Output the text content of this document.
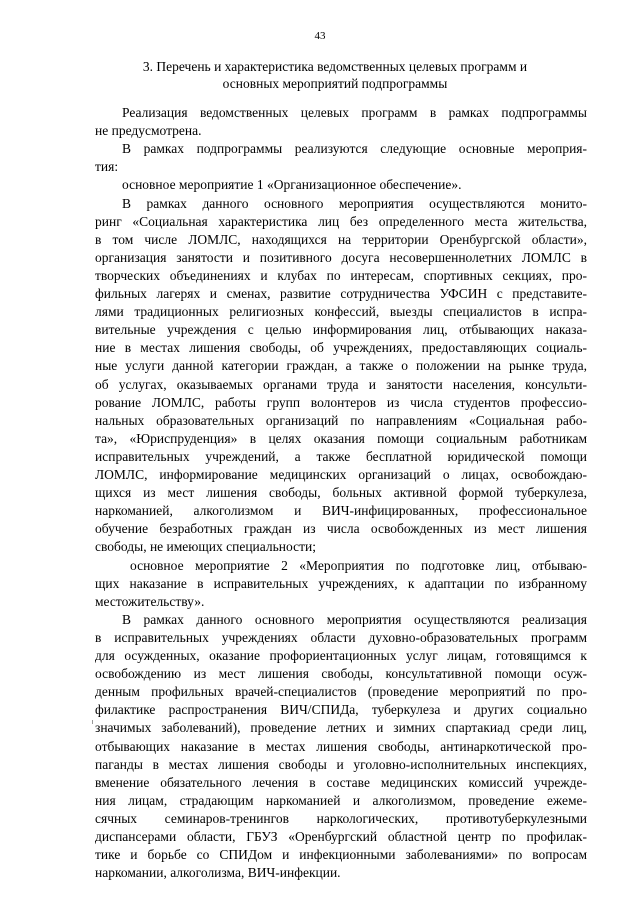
43
3. Перечень и характеристика ведомственных целевых программ и
основных мероприятий подпрограммы
Реализация ведомственных целевых программ в рамках подпрограммы
не предусмотрена.
В рамках подпрограммы реализуются следующие основные мероприя-
тия:
основное мероприятие 1 «Организационное обеспечение».
В рамках данного основного мероприятия осуществляются монито-
ринг «Социальная характеристика лиц без определенного места жительства,
в том числе ЛОМЛС, находящихся на территории Оренбургской области»,
организация занятости и позитивного досуга несовершеннолетних ЛОМЛС в
творческих объединениях и клубах по интересам, спортивных секциях, про-
фильных лагерях и сменах, развитие сотрудничества УФСИН с представите-
лями традиционных религиозных конфессий, выезды специалистов в испра-
вительные учреждения с целью информирования лиц, отбывающих наказа-
ние в местах лишения свободы, об учреждениях, предоставляющих социаль-
ные услуги данной категории граждан, а также о положении на рынке труда,
об услугах, оказываемых органами труда и занятости населения, консульти-
рование ЛОМЛС, работы групп волонтеров из числа студентов профессио-
нальных образовательных организаций по направлениям «Социальная рабо-
та», «Юриспруденция» в целях оказания помощи социальным работникам
исправительных учреждений, а также бесплатной юридической помощи
ЛОМЛС, информирование медицинских организаций о лицах, освобождаю-
щихся из мест лишения свободы, больных активной формой туберкулеза,
наркоманией, алкоголизмом и ВИЧ-инфицированных, профессиональное
обучение безработных граждан из числа освобожденных из мест лишения
свободы, не имеющих специальности;
основное мероприятие 2 «Мероприятия по подготовке лиц, отбываю-
щих наказание в исправительных учреждениях, к адаптации по избранному
местожительству».
В рамках данного основного мероприятия осуществляются реализация
в исправительных учреждениях области духовно-образовательных программ
для осужденных, оказание профориентационных услуг лицам, готовящимся к
освобождению из мест лишения свободы, консультативной помощи осуж-
денным профильных врачей-специалистов (проведение мероприятий по про-
филактике распространения ВИЧ/СПИДа, туберкулеза и других социально
значимых заболеваний), проведение летних и зимних спартакиад среди лиц,
отбывающих наказание в местах лишения свободы, антинаркотической про-
паганды в местах лишения свободы и уголовно-исполнительных инспекциях,
вменение обязательного лечения в составе медицинских комиссий учрежде-
ния лицам, страдающим наркоманией и алкоголизмом, проведение ежеме-
сячных семинаров-тренингов наркологических, противотуберкулезными
диспансерами области, ГБУЗ «Оренбургский областной центр по профилак-
тике и борьбе со СПИДом и инфекционными заболеваниями» по вопросам
наркомании, алкоголизма, ВИЧ-инфекции.
